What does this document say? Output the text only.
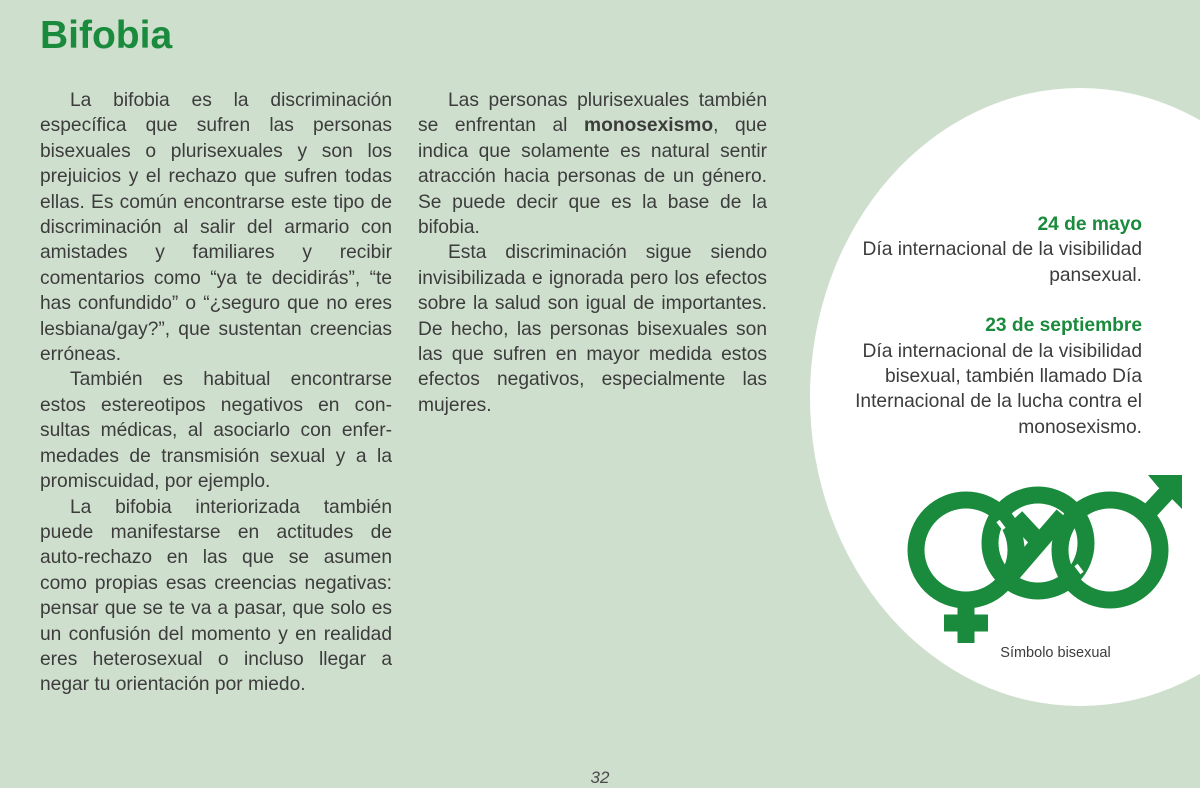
Bifobia

La bifobia es la discriminación específica que sufren las personas bisexuales o plurisexuales y son los prejuicios y el rechazo que sufren todas ellas. Es común encontrarse este tipo de discriminación al salir del armario con amistades y familiares y recibir comentarios como “ya te decidirás”, “te has confundido” o “¿seguro que no eres lesbiana/gay?”, que sustentan creencias erróneas.

También es habitual encontrarse estos estereotipos negativos en consultas médicas, al asociarlo con enfermedades de transmisión sexual y a la promiscuidad, por ejemplo.

La bifobia interiorizada también puede manifestarse en actitudes de auto-rechazo en las que se asumen como propias esas creencias negativas: pensar que se te va a pasar, que solo es un confusión del momento y en realidad eres heterosexual o incluso llegar a negar tu orientación por miedo.

Las personas plurisexuales también se enfrentan al monosexismo, que indica que solamente es natural sentir atracción hacia personas de un género. Se puede decir que es la base de la bifobia.

Esta discriminación sigue siendo invisibilizada e ignorada pero los efectos sobre la salud son igual de importantes. De hecho, las personas bisexuales son las que sufren en mayor medida estos efectos negativos, especialmente las mujeres.

24 de mayo
Día internacional de la visibilidad pansexual.
23 de septiembre
Día internacional de la visibilidad bisexual, también llamado Día Internacional de la lucha contra el monosexismo.
Símbolo bisexual
32
